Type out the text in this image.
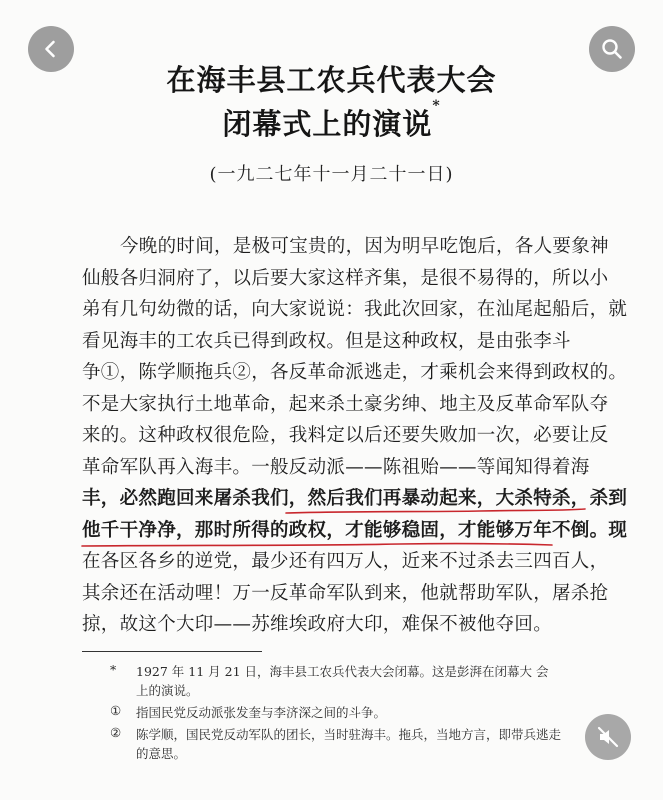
在海丰县工农兵代表大会
闭幕式上的演说*
(一九二七年十一月二十一日)
今晚的时间，是极可宝贵的，因为明早吃饱后，各人要象神
仙般各归洞府了，以后要大家这样齐集，是很不易得的，所以小
弟有几句幼微的话，向大家说说：我此次回家，在汕尾起船后，就
看见海丰的工农兵已得到政权。但是这种政权，是由张李斗
争①，陈学顺拖兵②，各反革命派逃走，才乘机会来得到政权的。
不是大家执行土地革命，起来杀土豪劣绅、地主及反革命军队夺
来的。这种政权很危险，我料定以后还要失败加一次，必要让反
革命军队再入海丰。一般反动派——陈祖贻——等闻知得着海
丰，必然跑回来屠杀我们，然后我们再暴动起来，大杀特杀，杀到
他千干净净，那时所得的政权，才能够稳固，才能够万年不倒。现
在各区各乡的逆党，最少还有四万人，近来不过杀去三四百人，
其余还在活动哩！万一反革命军队到来，他就帮助军队，屠杀抢
掠，故这个大印——苏维埃政府大印，难保不被他夺回。
* 1927 年 11 月 21 日，海丰县工农兵代表大会闭幕。这是彭湃在闭幕大 会
上的演说。
① 指国民党反动派张发奎与李济深之间的斗争。
② 陈学顺，国民党反动军队的团长，当时驻海丰。拖兵，当地方言，即带兵逃走
的意思。
